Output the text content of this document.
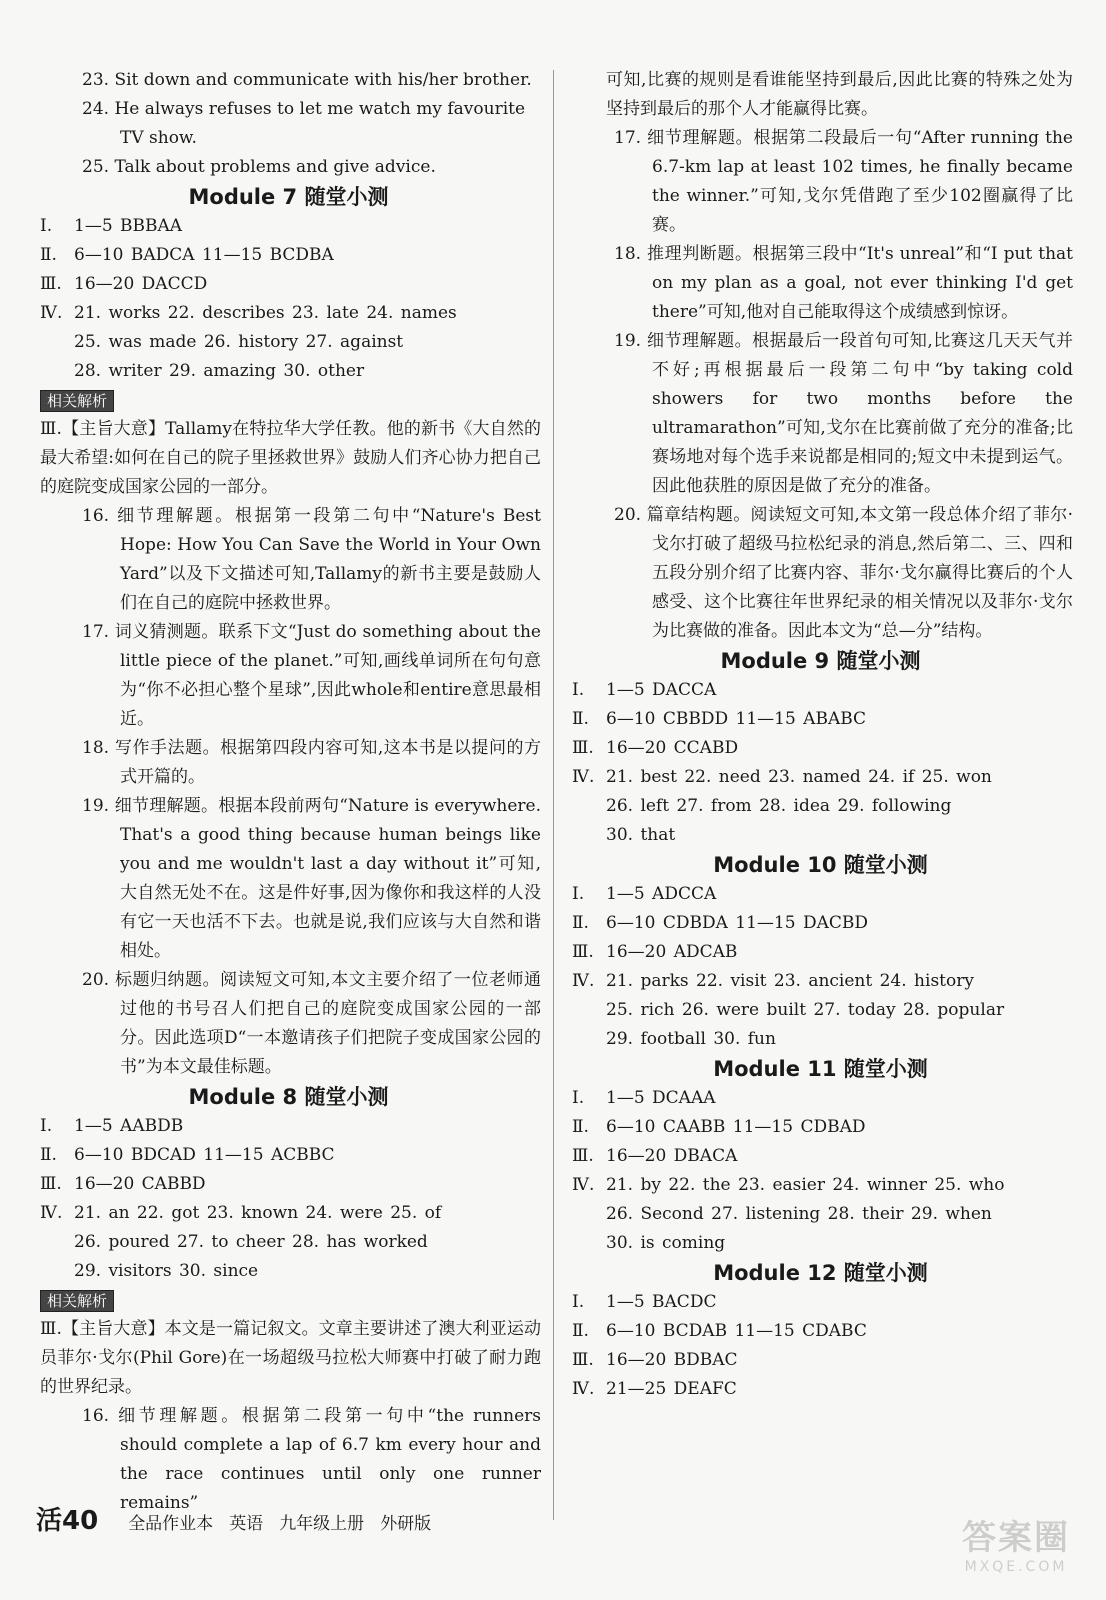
23. Sit down and communicate with his/her brother.
24. He always refuses to let me watch my favourite
TV show.
25. Talk about problems and give advice.
Module 7 随堂小测
Ⅰ.	1—5 BBBAA
Ⅱ.	6—10 BADCA 11—15 BCDBA
Ⅲ. 16—20 DACCD
Ⅳ. 21. works 22. describes 23. late 24. names
25. was made 26. history 27. against
28. writer 29. amazing 30. other
相关解析
Ⅲ.【主旨大意】Tallamy在特拉华大学任教。他的新书《大自然的最大希望:如何在自己的院子里拯救世界》鼓励人们齐心协力把自己的庭院变成国家公园的一部分。
16. 细节理解题。根据第一段第二句中“Nature's Best Hope: How You Can Save the World in Your Own Yard”以及下文描述可知,Tallamy的新书主要是鼓励人们在自己的庭院中拯救世界。
17. 词义猜测题。联系下文“Just do something about the little piece of the planet.”可知,画线单词所在句句意为“你不必担心整个星球”,因此whole和entire意思最相近。
18. 写作手法题。根据第四段内容可知,这本书是以提问的方式开篇的。
19. 细节理解题。根据本段前两句“Nature is everywhere. That's a good thing because human beings like you and me wouldn't last a day without it”可知,大自然无处不在。这是件好事,因为像你和我这样的人没有它一天也活不下去。也就是说,我们应该与大自然和谐相处。
20. 标题归纳题。阅读短文可知,本文主要介绍了一位老师通过他的书号召人们把自己的庭院变成国家公园的一部分。因此选项D“一本邀请孩子们把院子变成国家公园的书”为本文最佳标题。
Module 8 随堂小测
Ⅰ.	1—5 AABDB
Ⅱ.	6—10 BDCAD 11—15 ACBBC
Ⅲ. 16—20 CABBD
Ⅳ. 21. an 22. got 23. known 24. were 25. of
26. poured 27. to cheer 28. has worked
29. visitors 30. since
相关解析
Ⅲ.【主旨大意】本文是一篇记叙文。文章主要讲述了澳大利亚运动员菲尔·戈尔(Phil Gore)在一场超级马拉松大师赛中打破了耐力跑的世界纪录。
16. 细节理解题。根据第二段第一句中“the runners should complete a lap of 6.7 km every hour and the race continues until only one runner remains”
可知,比赛的规则是看谁能坚持到最后,因此比赛的特殊之处为坚持到最后的那个人才能赢得比赛。
17. 细节理解题。根据第二段最后一句“After running the 6.7-km lap at least 102 times, he finally became the winner.”可知,戈尔凭借跑了至少102圈赢得了比赛。
18. 推理判断题。根据第三段中“It's unreal”和“I put that on my plan as a goal, not ever thinking I'd get there”可知,他对自己能取得这个成绩感到惊讶。
19. 细节理解题。根据最后一段首句可知,比赛这几天天气并不好;再根据最后一段第二句中“by taking cold showers for two months before the ultramarathon”可知,戈尔在比赛前做了充分的准备;比赛场地对每个选手来说都是相同的;短文中未提到运气。因此他获胜的原因是做了充分的准备。
20. 篇章结构题。阅读短文可知,本文第一段总体介绍了菲尔·戈尔打破了超级马拉松纪录的消息,然后第二、三、四和五段分别介绍了比赛内容、菲尔·戈尔赢得比赛后的个人感受、这个比赛往年世界纪录的相关情况以及菲尔·戈尔为比赛做的准备。因此本文为“总—分”结构。
Module 9 随堂小测
Ⅰ.	1—5 DACCA
Ⅱ.	6—10 CBBDD 11—15 ABABC
Ⅲ. 16—20 CCABD
Ⅳ. 21. best 22. need 23. named 24. if 25. won
26. left 27. from 28. idea 29. following
30. that
Module 10 随堂小测
Ⅰ.	1—5 ADCCA
Ⅱ.	6—10 CDBDA 11—15 DACBD
Ⅲ. 16—20 ADCAB
Ⅳ. 21. parks 22. visit 23. ancient 24. history
25. rich 26. were built 27. today 28. popular
29. football 30. fun
Module 11 随堂小测
Ⅰ.	1—5 DCAAA
Ⅱ.	6—10 CAABB 11—15 CDBAD
Ⅲ. 16—20 DBACA
Ⅳ. 21. by 22. the 23. easier 24. winner 25. who
26. Second 27. listening 28. their 29. when
30. is coming
Module 12 随堂小测
Ⅰ.	1—5 BACDC
Ⅱ.	6—10 BCDAB 11—15 CDABC
Ⅲ. 16—20 BDBAC
Ⅳ. 21—25 DEAFC
活40 全品作业本 英语 九年级上册 外研版	答案圈
MXQE.COM
